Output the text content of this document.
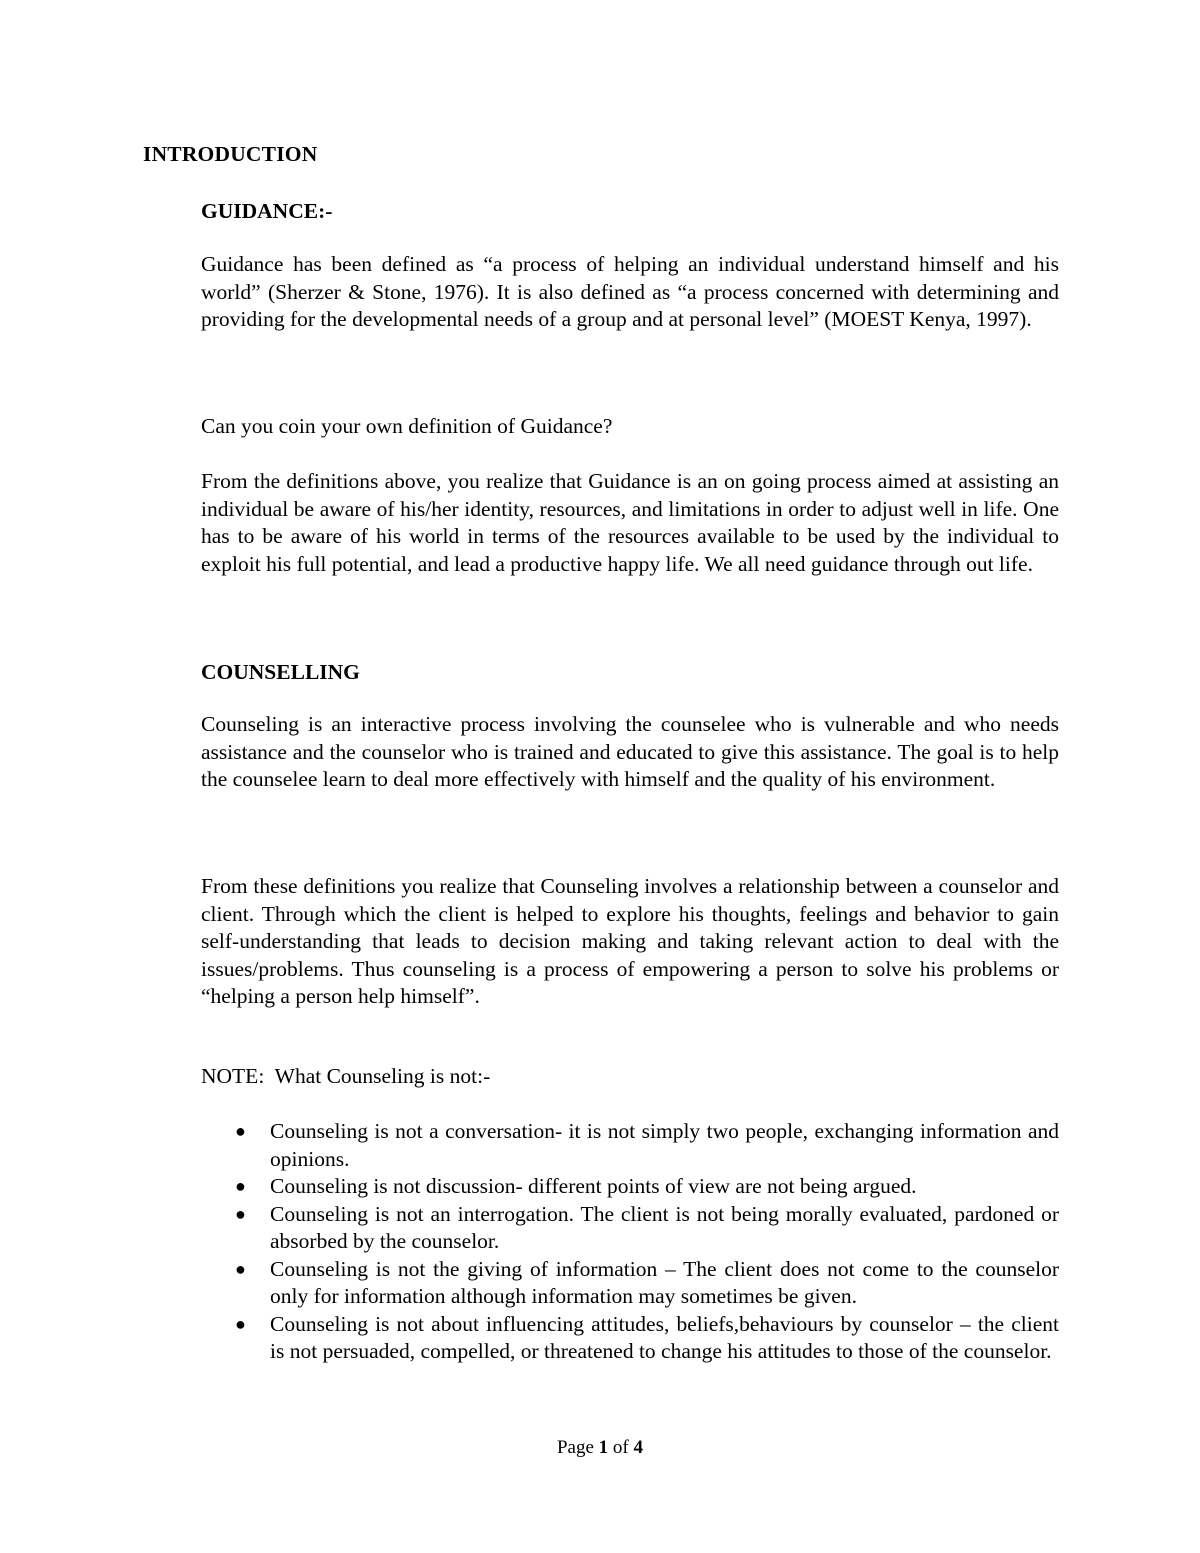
INTRODUCTION
GUIDANCE:-
Guidance has been defined as “a process of helping an individual understand himself and his world” (Sherzer & Stone, 1976). It is also defined as “a process concerned with determining and providing for the developmental needs of a group and at personal level” (MOEST Kenya, 1997).
Can you coin your own definition of Guidance?
From the definitions above, you realize that Guidance is an on going process aimed at assisting an individual be aware of his/her identity, resources, and limitations in order to adjust well in life. One has to be aware of his world in terms of the resources available to be used by the individual to exploit his full potential, and lead a productive happy life. We all need guidance through out life.
COUNSELLING
Counseling is an interactive process involving the counselee who is vulnerable and who needs assistance and the counselor who is trained and educated to give this assistance. The goal is to help the counselee learn to deal more effectively with himself and the quality of his environment.
From these definitions you realize that Counseling involves a relationship between a counselor and client. Through which the client is helped to explore his thoughts, feelings and behavior to gain self-understanding that leads to decision making and taking relevant action to deal with the issues/problems. Thus counseling is a process of empowering a person to solve his problems or “helping a person help himself”.
NOTE:  What Counseling is not:-
● Counseling is not a conversation- it is not simply two people, exchanging information and opinions.
● Counseling is not discussion- different points of view are not being argued.
● Counseling is not an interrogation. The client is not being morally evaluated, pardoned or absorbed by the counselor.
● Counseling is not the giving of information – The client does not come to the counselor only for information although information may sometimes be given.
● Counseling is not about influencing attitudes, beliefs,behaviours by counselor – the client is not persuaded, compelled, or threatened to change his attitudes to those of the counselor.
Page 1 of 4
